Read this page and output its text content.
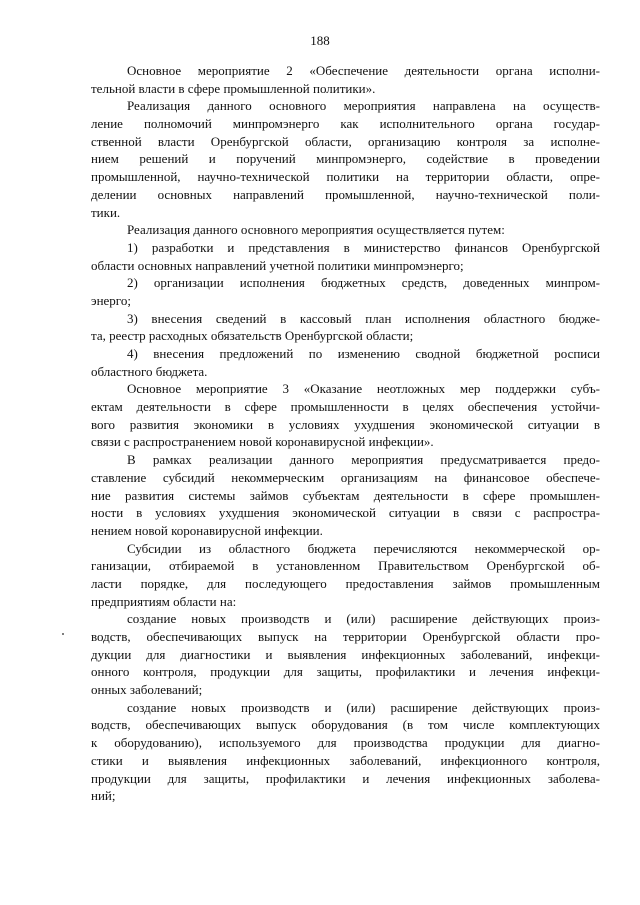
188
Основное мероприятие 2 «Обеспечение деятельности органа исполни-
тельной власти в сфере промышленной политики».
Реализация данного основного мероприятия направлена на осуществ-
ление полномочий минпромэнерго как исполнительного органа государ-
ственной власти Оренбургской области, организацию контроля за исполне-
нием решений и поручений минпромэнерго, содействие в проведении
промышленной, научно-технической политики на территории области, опре-
делении основных направлений промышленной, научно-технической поли-
тики.
Реализация данного основного мероприятия осуществляется путем:
1) разработки и представления в министерство финансов Оренбургской
области основных направлений учетной политики минпромэнерго;
2) организации исполнения бюджетных средств, доведенных минпром-
энерго;
3) внесения сведений в кассовый план исполнения областного бюдже-
та, реестр расходных обязательств Оренбургской области;
4) внесения предложений по изменению сводной бюджетной росписи
областного бюджета.
Основное мероприятие 3 «Оказание неотложных мер поддержки субъ-
ектам деятельности в сфере промышленности в целях обеспечения устойчи-
вого развития экономики в условиях ухудшения экономической ситуации в
связи с распространением новой коронавирусной инфекции».
В рамках реализации данного мероприятия предусматривается предо-
ставление субсидий некоммерческим организациям на финансовое обеспече-
ние развития системы займов субъектам деятельности в сфере промышлен-
ности в условиях ухудшения экономической ситуации в связи с распростра-
нением новой коронавирусной инфекции.
Субсидии из областного бюджета перечисляются некоммерческой ор-
ганизации, отбираемой в установленном Правительством Оренбургской об-
ласти порядке, для последующего предоставления займов промышленным
предприятиям области на:
создание новых производств и (или) расширение действующих произ-
водств, обеспечивающих выпуск на территории Оренбургской области про-
дукции для диагностики и выявления инфекционных заболеваний, инфекци-
онного контроля, продукции для защиты, профилактики и лечения инфекци-
онных заболеваний;
создание новых производств и (или) расширение действующих произ-
водств, обеспечивающих выпуск оборудования (в том числе комплектующих
к оборудованию), используемого для производства продукции для диагно-
стики и выявления инфекционных заболеваний, инфекционного контроля,
продукции для защиты, профилактики и лечения инфекционных заболева-
ний;
